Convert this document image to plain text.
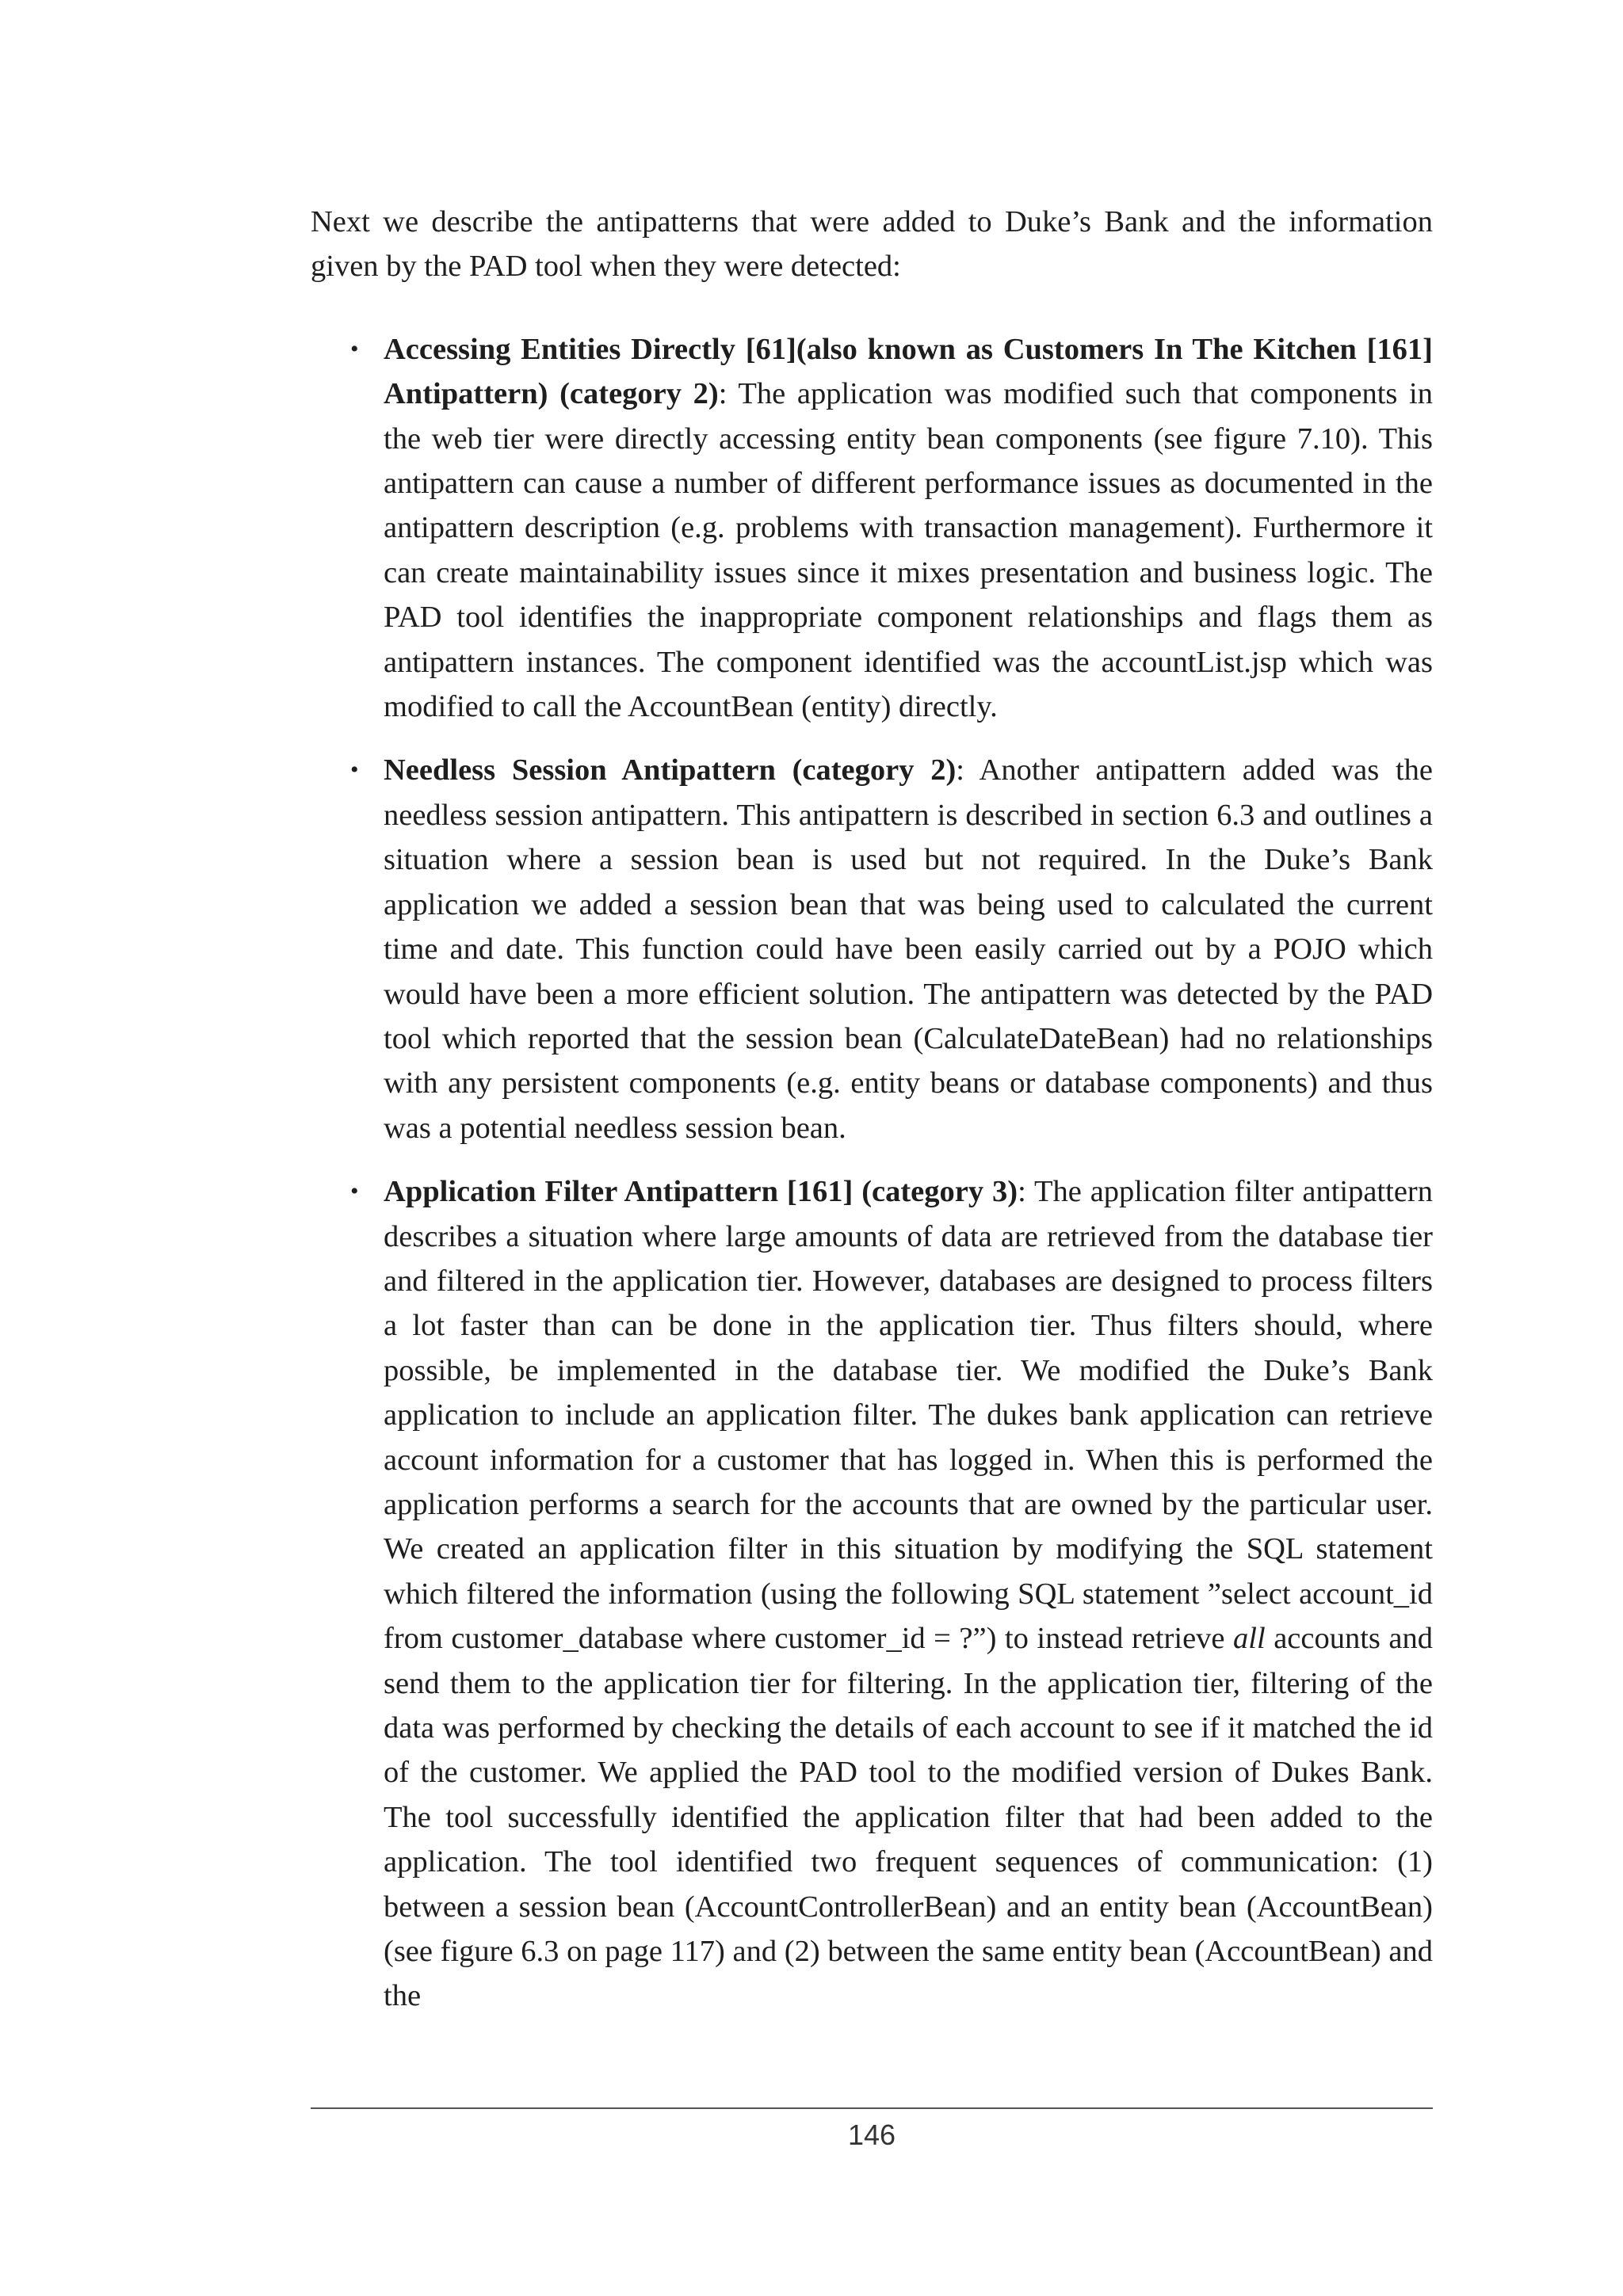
Next we describe the antipatterns that were added to Duke’s Bank and the information given by the PAD tool when they were detected:

• Accessing Entities Directly [61](also known as Customers In The Kitchen [161] Antipattern) (category 2): The application was modified such that components in the web tier were directly accessing entity bean components (see figure 7.10). This antipattern can cause a number of different performance issues as documented in the antipattern description (e.g. problems with transaction management). Furthermore it can create maintainability issues since it mixes presentation and business logic. The PAD tool identifies the inappropriate component relationships and flags them as antipattern instances. The component identified was the accountList.jsp which was modified to call the AccountBean (entity) directly.
• Needless Session Antipattern (category 2): Another antipattern added was the needless session antipattern. This antipattern is described in section 6.3 and outlines a situation where a session bean is used but not required. In the Duke’s Bank application we added a session bean that was being used to calculated the current time and date. This function could have been easily carried out by a POJO which would have been a more efficient solution. The antipattern was detected by the PAD tool which reported that the session bean (CalculateDateBean) had no relationships with any persistent components (e.g. entity beans or database components) and thus was a potential needless session bean.
• Application Filter Antipattern [161] (category 3): The application filter antipattern describes a situation where large amounts of data are retrieved from the database tier and filtered in the application tier. However, databases are designed to process filters a lot faster than can be done in the application tier. Thus filters should, where possible, be implemented in the database tier. We modified the Duke’s Bank application to include an application filter. The dukes bank application can retrieve account information for a customer that has logged in. When this is performed the application performs a search for the accounts that are owned by the particular user. We created an application filter in this situation by modifying the SQL statement which filtered the information (using the following SQL statement ”select account_id from customer_database where customer_id = ?”) to instead retrieve all accounts and send them to the application tier for filtering. In the application tier, filtering of the data was performed by checking the details of each account to see if it matched the id of the customer. We applied the PAD tool to the modified version of Dukes Bank. The tool successfully identified the application filter that had been added to the application. The tool identified two frequent sequences of communication: (1) between a session bean (AccountControllerBean) and an entity bean (AccountBean) (see figure 6.3 on page 117) and (2) between the same entity bean (AccountBean) and the
146
